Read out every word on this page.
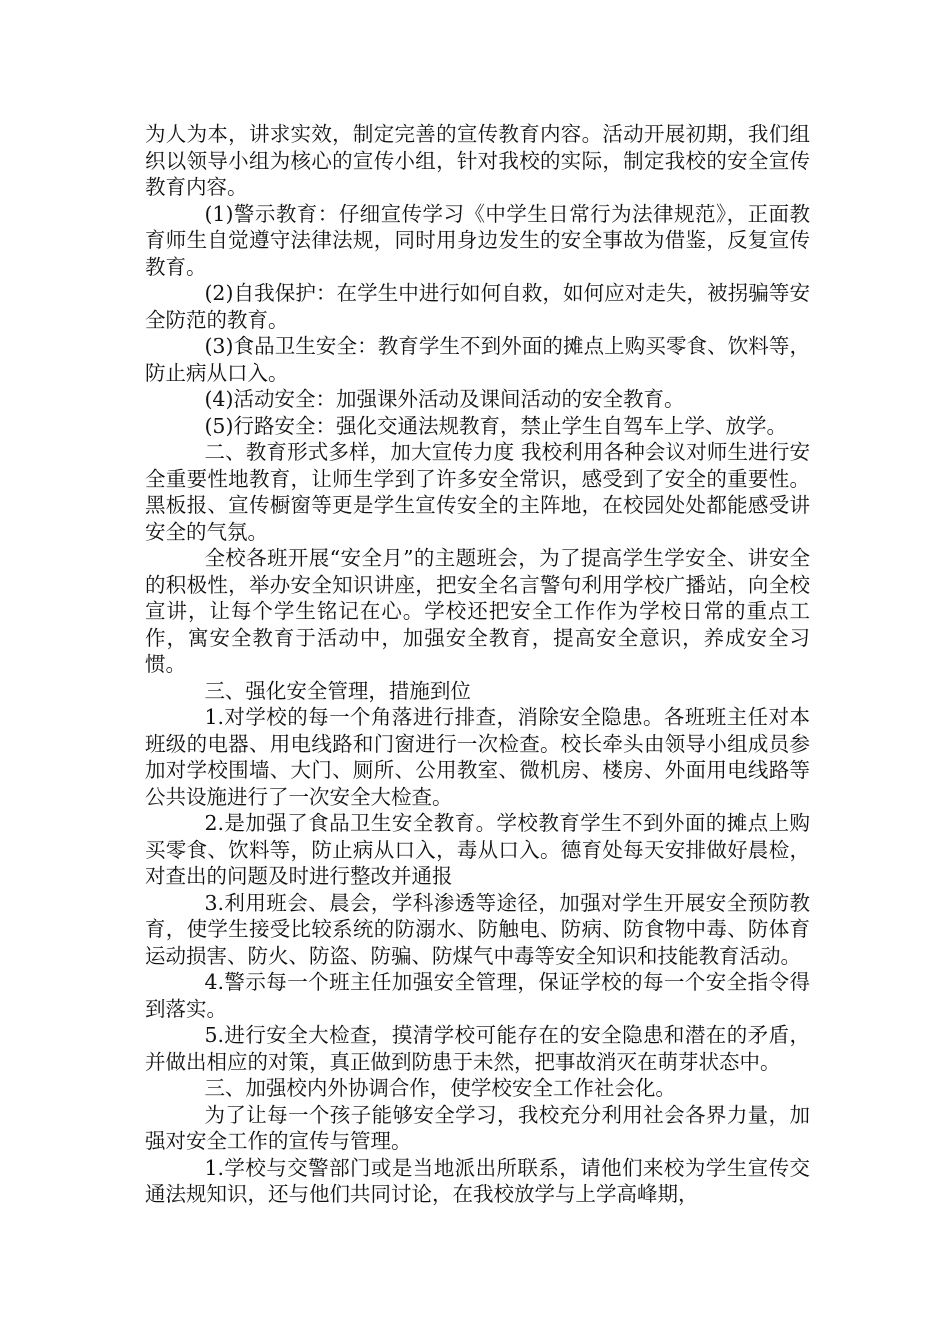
为人为本，讲求实效，制定完善的宣传教育内容。活动开展初期，我们组织以领导小组为核心的宣传小组，针对我校的实际，制定我校的安全宣传教育内容。

(1)警示教育：仔细宣传学习《中学生日常行为法律规范》，正面教育师生自觉遵守法律法规，同时用身边发生的安全事故为借鉴，反复宣传教育。

(2)自我保护：在学生中进行如何自救，如何应对走失，被拐骗等安全防范的教育。

(3)食品卫生安全：教育学生不到外面的摊点上购买零食、饮料等，防止病从口入。

(4)活动安全：加强课外活动及课间活动的安全教育。

(5)行路安全：强化交通法规教育，禁止学生自驾车上学、放学。

二、教育形式多样，加大宣传力度 我校利用各种会议对师生进行安全重要性地教育，让师生学到了许多安全常识，感受到了安全的重要性。黑板报、宣传橱窗等更是学生宣传安全的主阵地，在校园处处都能感受讲安全的气氛。

全校各班开展“安全月”的主题班会，为了提高学生学安全、讲安全的积极性，举办安全知识讲座，把安全名言警句利用学校广播站，向全校宣讲，让每个学生铭记在心。学校还把安全工作作为学校日常的重点工作，寓安全教育于活动中，加强安全教育，提高安全意识，养成安全习惯。

三、强化安全管理，措施到位

1.对学校的每一个角落进行排查，消除安全隐患。各班班主任对本班级的电器、用电线路和门窗进行一次检查。校长牵头由领导小组成员参加对学校围墙、大门、厕所、公用教室、微机房、楼房、外面用电线路等公共设施进行了一次安全大检查。

2.是加强了食品卫生安全教育。学校教育学生不到外面的摊点上购买零食、饮料等，防止病从口入，毒从口入。德育处每天安排做好晨检，对查出的问题及时进行整改并通报

3.利用班会、晨会，学科渗透等途径，加强对学生开展安全预防教育，使学生接受比较系统的防溺水、防触电、防病、防食物中毒、防体育运动损害、防火、防盗、防骗、防煤气中毒等安全知识和技能教育活动。

4.警示每一个班主任加强安全管理，保证学校的每一个安全指令得到落实。

5.进行安全大检查，摸清学校可能存在的安全隐患和潜在的矛盾，并做出相应的对策，真正做到防患于未然，把事故消灭在萌芽状态中。

三、加强校内外协调合作，使学校安全工作社会化。

为了让每一个孩子能够安全学习，我校充分利用社会各界力量，加强对安全工作的宣传与管理。

1.学校与交警部门或是当地派出所联系，请他们来校为学生宣传交通法规知识，还与他们共同讨论，在我校放学与上学高峰期，
